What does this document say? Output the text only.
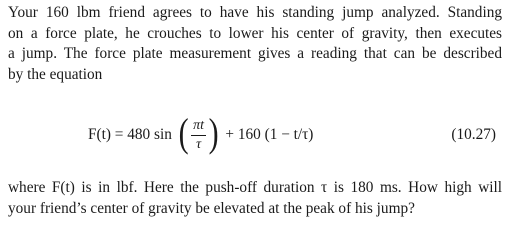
Your 160 lbm friend agrees to have his standing jump analyzed. Standing
on a force plate, he crouches to lower his center of gravity, then executes
a jump. The force plate measurement gives a reading that can be described
by the equation
F(t) = 480 sin ( $\frac{\pi t}{\tau}$ ) + 160 (1 − t/τ)	(10.27)
where F(t) is in lbf. Here the push-off duration τ is 180 ms. How high will
your friend’s center of gravity be elevated at the peak of his jump?
